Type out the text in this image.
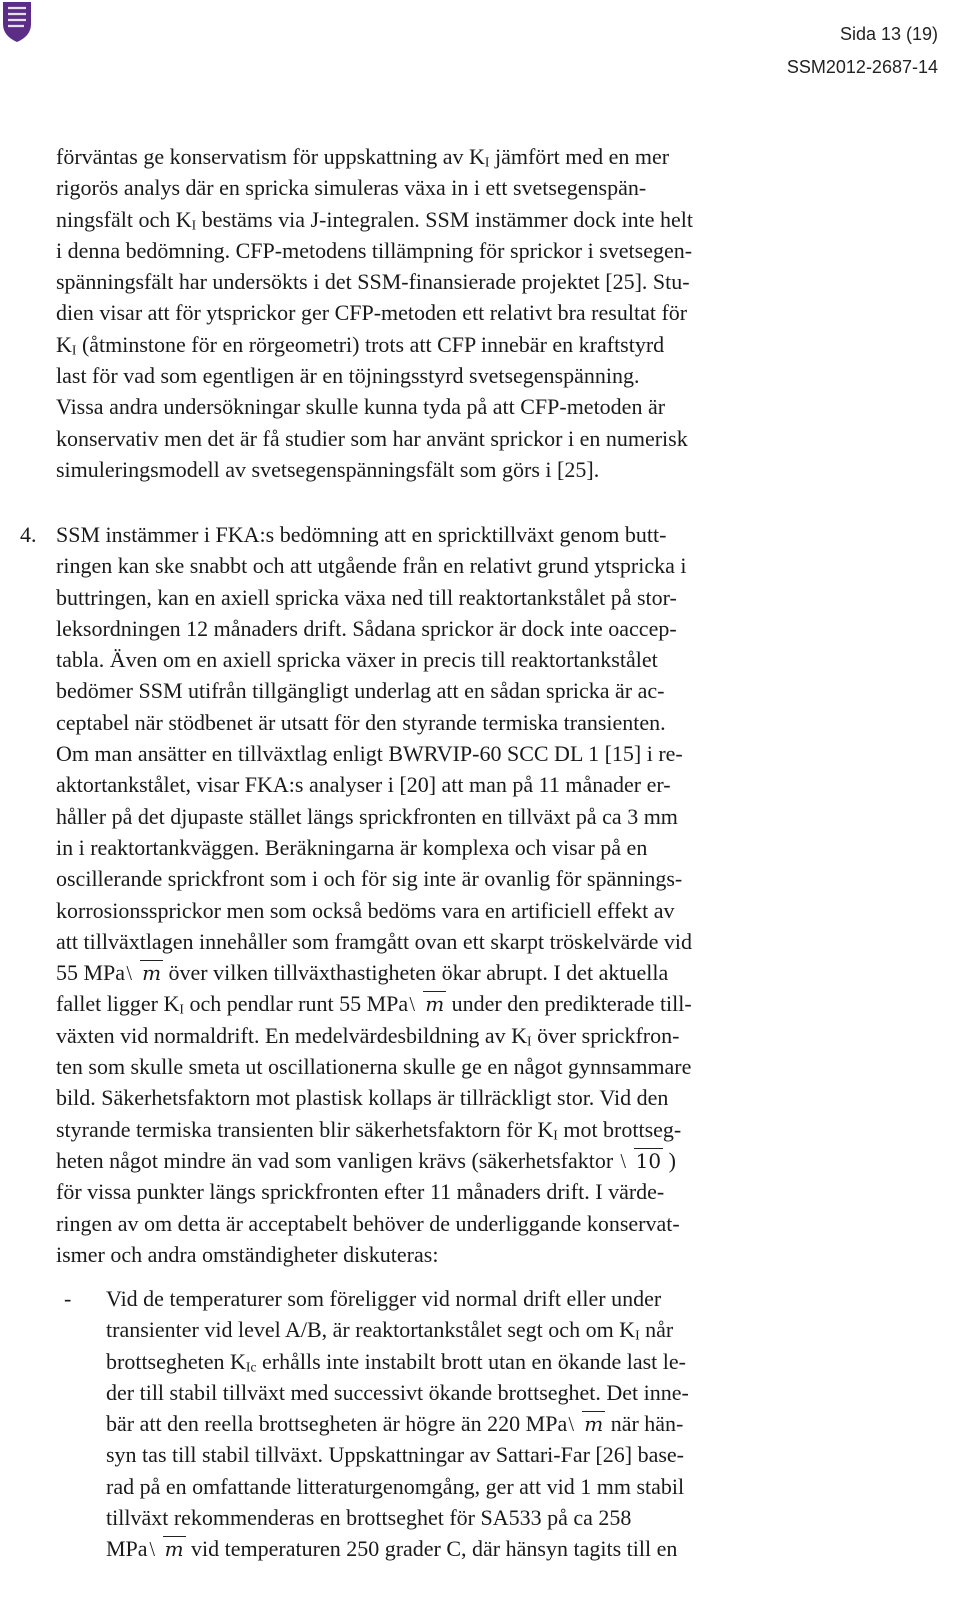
Sida 13 (19)
SSM2012-2687-14
förväntas ge konservatism för uppskattning av $K_I$ jämfört med en mer
rigorös analys där en spricka simuleras växa in i ett svetsegenspän-
ningsfält och $K_I$ bestäms via J-integralen. SSM instämmer dock inte helt
i denna bedömning. CFP-metodens tillämpning för sprickor i svetsegen-
spänningsfält har undersökts i det SSM-finansierade projektet [25]. Stu-
dien visar att för ytsprickor ger CFP-metoden ett relativt bra resultat för
$K_I$ (åtminstone för en rörgeometri) trots att CFP innebär en kraftstyrd
last för vad som egentligen är en töjningsstyrd svetsegenspänning.
Vissa andra undersökningar skulle kunna tyda på att CFP-metoden är
konservativ men det är få studier som har använt sprickor i en numerisk
simuleringsmodell av svetsegenspänningsfält som görs i [25].
4. SSM instämmer i FKA:s bedömning att en spricktillväxt genom butt-
ringen kan ske snabbt och att utgående från en relativt grund ytspricka i
buttringen, kan en axiell spricka växa ned till reaktortankstålet på stor-
leksordningen 12 månaders drift. Sådana sprickor är dock inte oaccep-
tabla. Även om en axiell spricka växer in precis till reaktortankstålet
bedömer SSM utifrån tillgängligt underlag att en sådan spricka är ac-
ceptabel när stödbenet är utsatt för den styrande termiska transienten.
Om man ansätter en tillväxtlag enligt BWRVIP-60 SCC DL 1 [15] i re-
aktortankstålet, visar FKA:s analyser i [20] att man på 11 månader er-
håller på det djupaste stället längs sprickfronten en tillväxt på ca 3 mm
in i reaktortankväggen. Beräkningarna är komplexa och visar på en
oscillerande sprickfront som i och för sig inte är ovanlig för spännings-
korrosionssprickor men som också bedöms vara en artificiell effekt av
att tillväxtlagen innehåller som framgått ovan ett skarpt tröskelvärde vid
55 MPa m över vilken tillväxthastigheten ökar abrupt. I det aktuella
fallet ligger $K_I$ och pendlar runt 55 MPa m under den predikterade till-
växten vid normaldrift. En medelvärdesbildning av $K_I$ över sprickfron-
ten som skulle smeta ut oscillationerna skulle ge en något gynnsammare
bild. Säkerhetsfaktorn mot plastisk kollaps är tillräckligt stor. Vid den
styrande termiska transienten blir säkerhetsfaktorn för $K_I$ mot brottseg-
heten något mindre än vad som vanligen krävs (säkerhetsfaktor 10 )
för vissa punkter längs sprickfronten efter 11 månaders drift. I värde-
ringen av om detta är acceptabelt behöver de underliggande konservat-
ismer och andra omständigheter diskuteras:
- Vid de temperaturer som föreligger vid normal drift eller under
transienter vid level A/B, är reaktortankstålet segt och om $K_I$ når
brottsegheten $K_{Ic}$ erhålls inte instabilt brott utan en ökande last le-
der till stabil tillväxt med successivt ökande brottseghet. Det inne-
bär att den reella brottsegheten är högre än 220 MPa m när hän-
syn tas till stabil tillväxt. Uppskattningar av Sattari-Far [26] base-
rad på en omfattande litteraturgenomgång, ger att vid 1 mm stabil
tillväxt rekommenderas en brottseghet för SA533 på ca 258
MPa m vid temperaturen 250 grader C, där hänsyn tagits till en
